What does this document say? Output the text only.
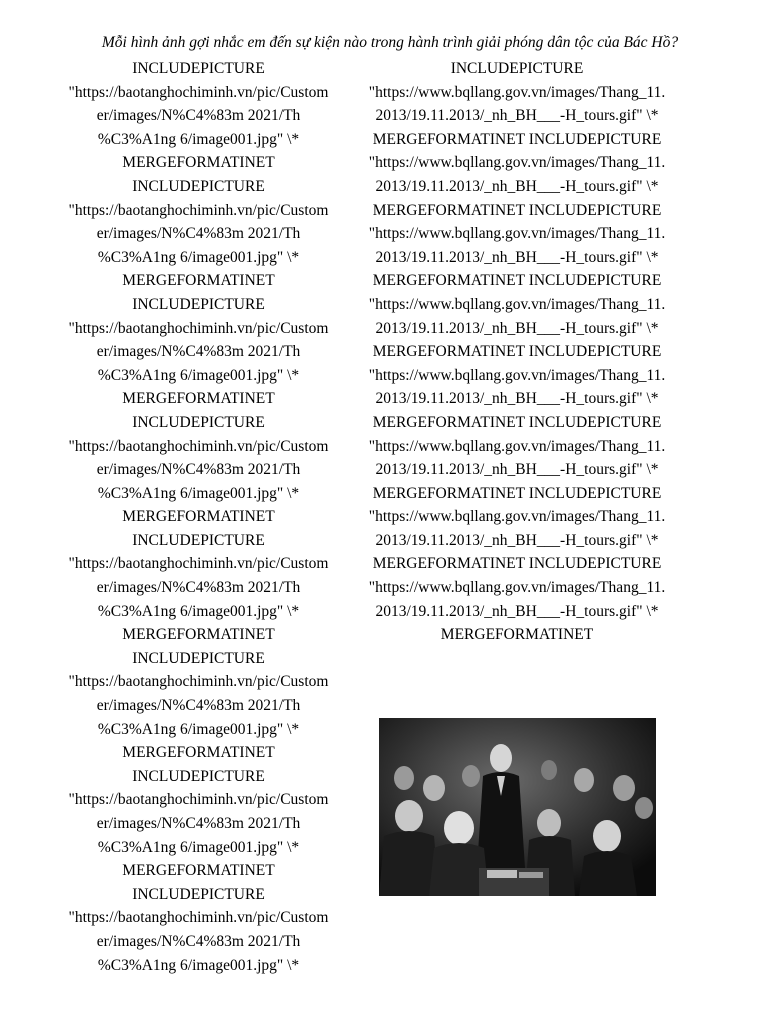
Mỗi hình ảnh gợi nhắc em đến sự kiện nào trong hành trình giải phóng dân tộc của Bác Hồ?
INCLUDEPICTURE
"https://baotanghochiminh.vn/pic/Custom
er/images/N%C4%83m 2021/Th
%C3%A1ng 6/image001.jpg" \*
MERGEFORMATINET
INCLUDEPICTURE
"https://baotanghochiminh.vn/pic/Custom
er/images/N%C4%83m 2021/Th
%C3%A1ng 6/image001.jpg" \*
MERGEFORMATINET
INCLUDEPICTURE
"https://baotanghochiminh.vn/pic/Custom
er/images/N%C4%83m 2021/Th
%C3%A1ng 6/image001.jpg" \*
MERGEFORMATINET
INCLUDEPICTURE
"https://baotanghochiminh.vn/pic/Custom
er/images/N%C4%83m 2021/Th
%C3%A1ng 6/image001.jpg" \*
MERGEFORMATINET
INCLUDEPICTURE
"https://baotanghochiminh.vn/pic/Custom
er/images/N%C4%83m 2021/Th
%C3%A1ng 6/image001.jpg" \*
MERGEFORMATINET
INCLUDEPICTURE
"https://baotanghochiminh.vn/pic/Custom
er/images/N%C4%83m 2021/Th
%C3%A1ng 6/image001.jpg" \*
MERGEFORMATINET
INCLUDEPICTURE
"https://baotanghochiminh.vn/pic/Custom
er/images/N%C4%83m 2021/Th
%C3%A1ng 6/image001.jpg" \*
MERGEFORMATINET
INCLUDEPICTURE
"https://baotanghochiminh.vn/pic/Custom
er/images/N%C4%83m 2021/Th
%C3%A1ng 6/image001.jpg" \*
INCLUDEPICTURE
"https://www.bqllang.gov.vn/images/Thang_11.
2013/19.11.2013/_nh_BH___-H_tours.gif" \*
MERGEFORMATINET INCLUDEPICTURE
"https://www.bqllang.gov.vn/images/Thang_11.
2013/19.11.2013/_nh_BH___-H_tours.gif" \*
MERGEFORMATINET INCLUDEPICTURE
"https://www.bqllang.gov.vn/images/Thang_11.
2013/19.11.2013/_nh_BH___-H_tours.gif" \*
MERGEFORMATINET INCLUDEPICTURE
"https://www.bqllang.gov.vn/images/Thang_11.
2013/19.11.2013/_nh_BH___-H_tours.gif" \*
MERGEFORMATINET INCLUDEPICTURE
"https://www.bqllang.gov.vn/images/Thang_11.
2013/19.11.2013/_nh_BH___-H_tours.gif" \*
MERGEFORMATINET INCLUDEPICTURE
"https://www.bqllang.gov.vn/images/Thang_11.
2013/19.11.2013/_nh_BH___-H_tours.gif" \*
MERGEFORMATINET INCLUDEPICTURE
"https://www.bqllang.gov.vn/images/Thang_11.
2013/19.11.2013/_nh_BH___-H_tours.gif" \*
MERGEFORMATINET INCLUDEPICTURE
"https://www.bqllang.gov.vn/images/Thang_11.
2013/19.11.2013/_nh_BH___-H_tours.gif" \*
MERGEFORMATINET
